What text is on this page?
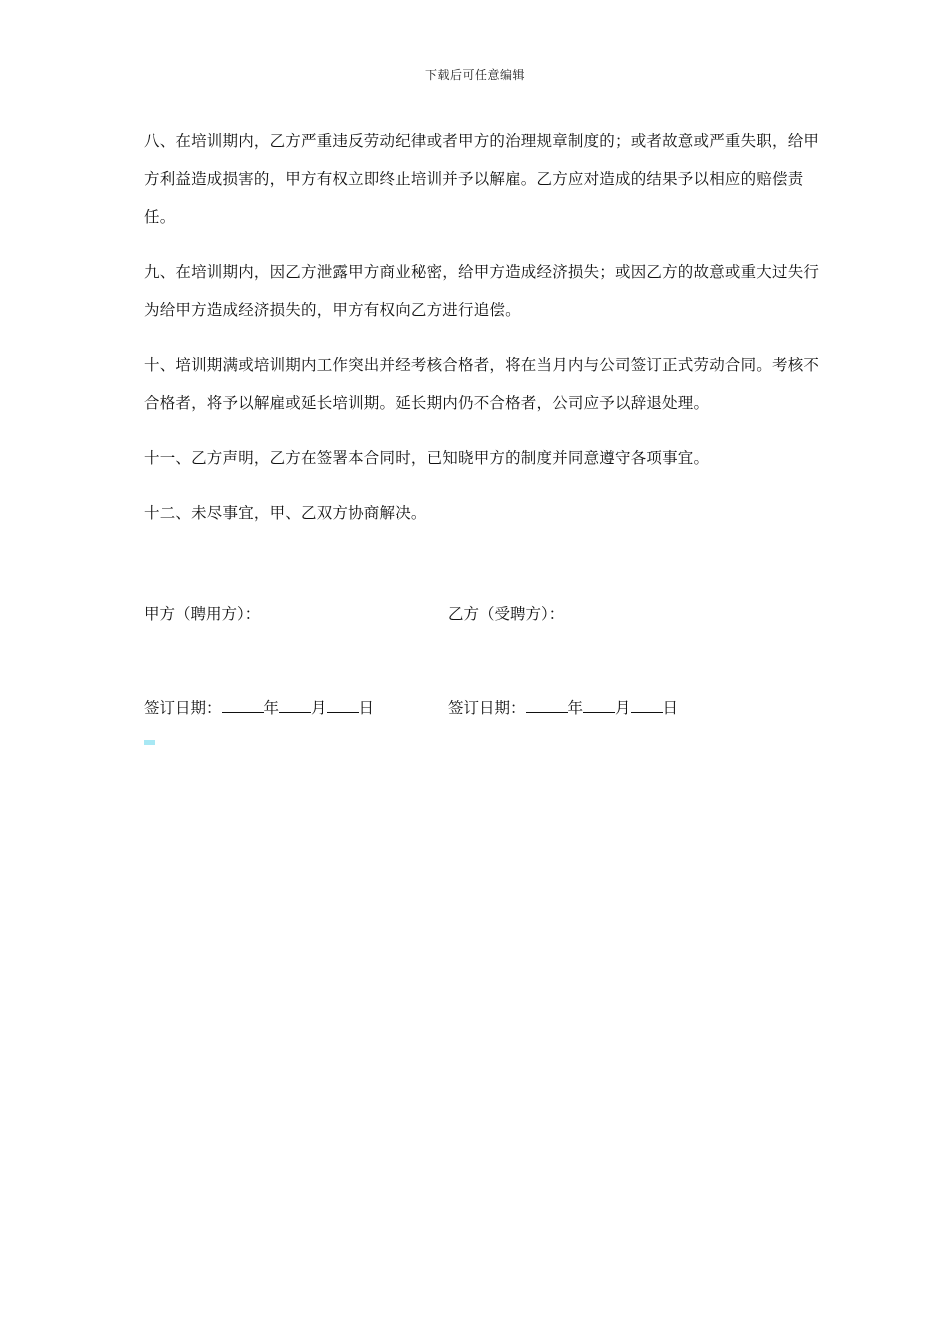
下载后可任意编辑

八、在培训期内，乙方严重违反劳动纪律或者甲方的治理规章制度的；或者故意或严重失职，给甲方利益造成损害的，甲方有权立即终止培训并予以解雇。乙方应对造成的结果予以相应的赔偿责任。

九、在培训期内，因乙方泄露甲方商业秘密，给甲方造成经济损失；或因乙方的故意或重大过失行为给甲方造成经济损失的，甲方有权向乙方进行追偿。

十、培训期满或培训期内工作突出并经考核合格者，将在当月内与公司签订正式劳动合同。考核不合格者，将予以解雇或延长培训期。延长期内仍不合格者，公司应予以辞退处理。

十一、乙方声明，乙方在签署本合同时，已知晓甲方的制度并同意遵守各项事宜。

十二、未尽事宜，甲、乙双方协商解决。

甲方（聘用方）：	乙方（受聘方）：
签订日期：	年 月 日	签订日期：	年 月 日
